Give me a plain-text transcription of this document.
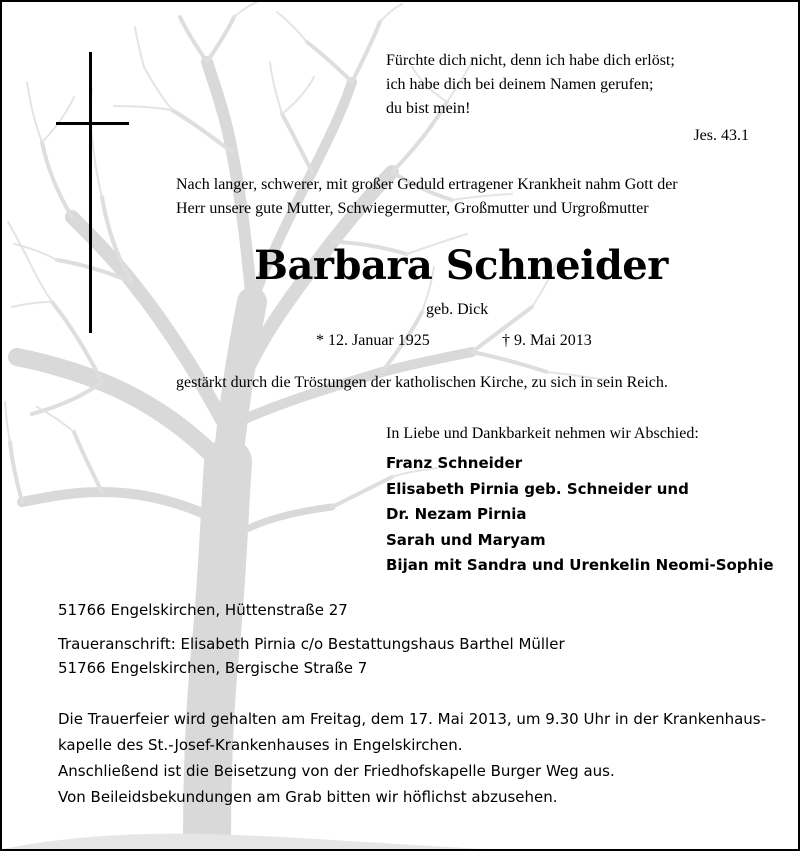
Fürchte dich nicht, denn ich habe dich erlöst;
ich habe dich bei deinem Namen gerufen;
du bist mein!
Jes. 43.1
Nach langer, schwerer, mit großer Geduld ertragener Krankheit nahm Gott der
Herr unsere gute Mutter, Schwiegermutter, Großmutter und Urgroßmutter
Barbara Schneider
geb. Dick
* 12. Januar 1925	† 9. Mai 2013
gestärkt durch die Tröstungen der katholischen Kirche, zu sich in sein Reich.
In Liebe und Dankbarkeit nehmen wir Abschied:
Franz Schneider
Elisabeth Pirnia geb. Schneider und
Dr. Nezam Pirnia
Sarah und Maryam
Bijan mit Sandra und Urenkelin Neomi-Sophie
51766 Engelskirchen, Hüttenstraße 27
Traueranschrift: Elisabeth Pirnia c/o Bestattungshaus Barthel Müller
51766 Engelskirchen, Bergische Straße 7
Die Trauerfeier wird gehalten am Freitag, dem 17. Mai 2013, um 9.30 Uhr in der Krankenhaus-
kapelle des St.-Josef-Krankenhauses in Engelskirchen.
Anschließend ist die Beisetzung von der Friedhofskapelle Burger Weg aus.
Von Beileidsbekundungen am Grab bitten wir höflichst abzusehen.
